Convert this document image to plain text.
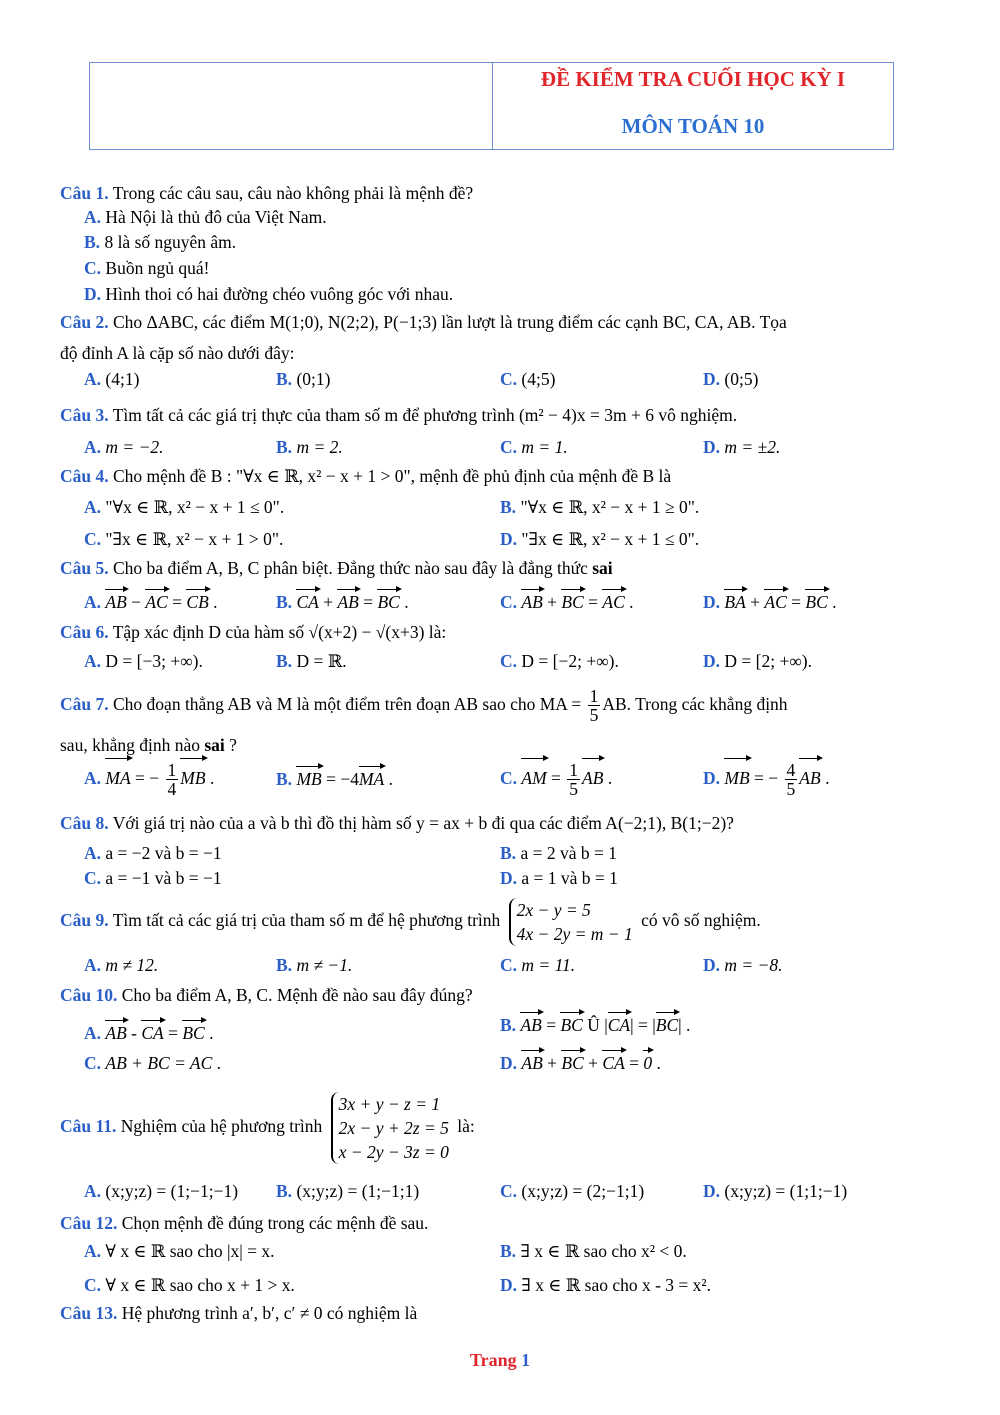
ĐỀ KIỂM TRA CUỐI HỌC KỲ I
MÔN TOÁN 10
Câu 1. Trong các câu sau, câu nào không phải là mệnh đề?
A. Hà Nội là thủ đô của Việt Nam.
B. 8 là số nguyên âm.
C. Buồn ngủ quá!
D. Hình thoi có hai đường chéo vuông góc với nhau.
Câu 2. Cho ΔABC, các điểm M(1;0), N(2;2), P(−1;3) lần lượt là trung điểm các cạnh BC, CA, AB. Tọa
độ đỉnh A là cặp số nào dưới đây:
A. (4;1)	B. (0;1)	C. (4;5)	D. (0;5)
Câu 3. Tìm tất cả các giá trị thực của tham số m để phương trình (m² − 4)x = 3m + 6 vô nghiệm.
A. m = −2.	B. m = 2.	C. m = 1.	D. m = ±2.
Câu 4. Cho mệnh đề B : "∀x ∈ ℝ, x² − x + 1 > 0", mệnh đề phủ định của mệnh đề B là
A. "∀x ∈ ℝ, x² − x + 1 ≤ 0".	B. "∀x ∈ ℝ, x² − x + 1 ≥ 0".
C. "∃x ∈ ℝ, x² − x + 1 > 0".	D. "∃x ∈ ℝ, x² − x + 1 ≤ 0".
Câu 5. Cho ba điểm A, B, C phân biệt. Đẳng thức nào sau đây là đẳng thức sai
A. AB − AC = CB .	B. CA + AB = BC .	C. AB + BC = AC .	D. BA + AC = BC .
Câu 6. Tập xác định D của hàm số √(x+2) − √(x+3) là:
A. D = [−3; +∞).	B. D = ℝ.	C. D = [−2; +∞).	D. D = [2; +∞).
Câu 7. Cho đoạn thẳng AB và M là một điểm trên đoạn AB sao cho MA = $\frac{1}{5}$ AB. Trong các khẳng định
sau, khẳng định nào sai ?
A. MA = − $\frac{1}{4}$ MB .	B. MB = −4MA .	C. AM = $\frac{1}{5}$ AB .	D. MB = − $\frac{4}{5}$ AB .
Câu 8. Với giá trị nào của a và b thì đồ thị hàm số y = ax + b đi qua các điểm A(−2;1), B(1;−2)?
A. a = −2 và b = −1	B. a = 2 và b = 1
C. a = −1 và b = −1	D. a = 1 và b = 1
Câu 9. Tìm tất cả các giá trị của tham số m để hệ phương trình
2x − y = 5
4x − 2y = m − 1
có vô số nghiệm.
A. m ≠ 12.	B. m ≠ −1.	C. m = 11.	D. m = −8.
Câu 10. Cho ba điểm A, B, C. Mệnh đề nào sau đây đúng?
A. AB - CA = BC .	B. AB = BC Û |CA| = |BC| .
C. AB + BC = AC .	D. AB + BC + CA = 0 .
Câu 11. Nghiệm của hệ phương trình
3x + y − z = 1
2x − y + 2z = 5
x − 2y − 3z = 0
là:
A. (x;y;z) = (1;−1;−1) B. (x;y;z) = (1;−1;1)	C. (x;y;z) = (2;−1;1)	D. (x;y;z) = (1;1;−1)
Câu 12. Chọn mệnh đề đúng trong các mệnh đề sau.
A. ∀ x ∈ ℝ sao cho |x| = x.	B. ∃ x ∈ ℝ sao cho x² < 0.
C. ∀ x ∈ ℝ sao cho x + 1 > x.	D. ∃ x ∈ ℝ sao cho x - 3 = x².
Câu 13. Hệ phương trình a′, b′, c′ ≠ 0 có nghiệm là
Trang 1
